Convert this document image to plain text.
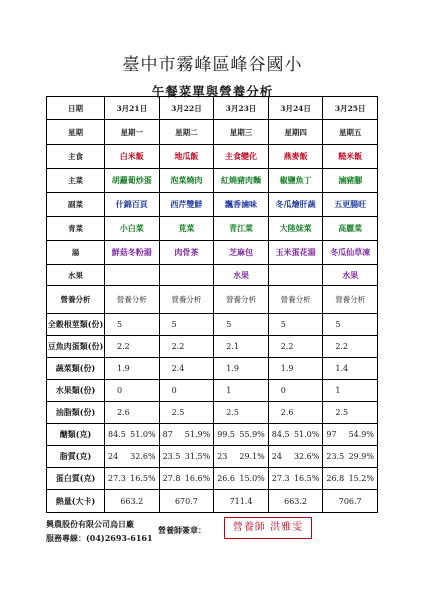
臺中市霧峰區峰谷國小
午餐菜單與營養分析
日期	3月21日	3月22日	3月23日	3月24日	3月25日
星期	星期一	星期二	星期三	星期四	星期五
主食	白米飯	地瓜飯	主食變化	燕麥飯	糙米飯
主菜	胡蘿蔔炒蛋	泡菜燒肉	紅燒豬肉麵	椒鹽魚丁	滷豬腳
副菜	什錦百頁	西芹雙鮮	飄香滷味	冬瓜燴肝蔬	五更腸旺
青菜	小白菜	莧菜	青江菜	大陸妹菜	高麗菜
湯	鮮菇冬粉湯	肉骨茶	芝麻包	玉米蛋花湯	冬瓜仙草凍
水果			水果		水果
營養分析	營養分析	營養分析	營養分析	營養分析	營養分析
全穀根莖類(份)	5	5	5	5	5
豆魚肉蛋類(份)	2.2	2.2	2.1	2.2	2.2
蔬菜類(份)	1.9	2.4	1.9	1.9	1.4
水果類(份)	0	0	1	0	1
油脂類(份)	2.6	2.5	2.5	2.6	2.5
醣類(克)	84.5 51.0%	87 51.9%	99.5 55.9%	84.5 51.0%	97 54.9%

脂質(克)	24 32.6%	23.5 31.5%	23 29.1%	24 32.6%	23.5 29.9%

蛋白質(克)	27.3 16.5%	27.8 16.6%	26.6 15.0%	27.3 16.5%	26.8 15.2%

熱量(大卡)	663.2	670.7	711.4	663.2	706.7
興農股份有限公司烏日廠
服務專線：(04)2693-6161
營養師簽章：	營養師 洪雅雯
